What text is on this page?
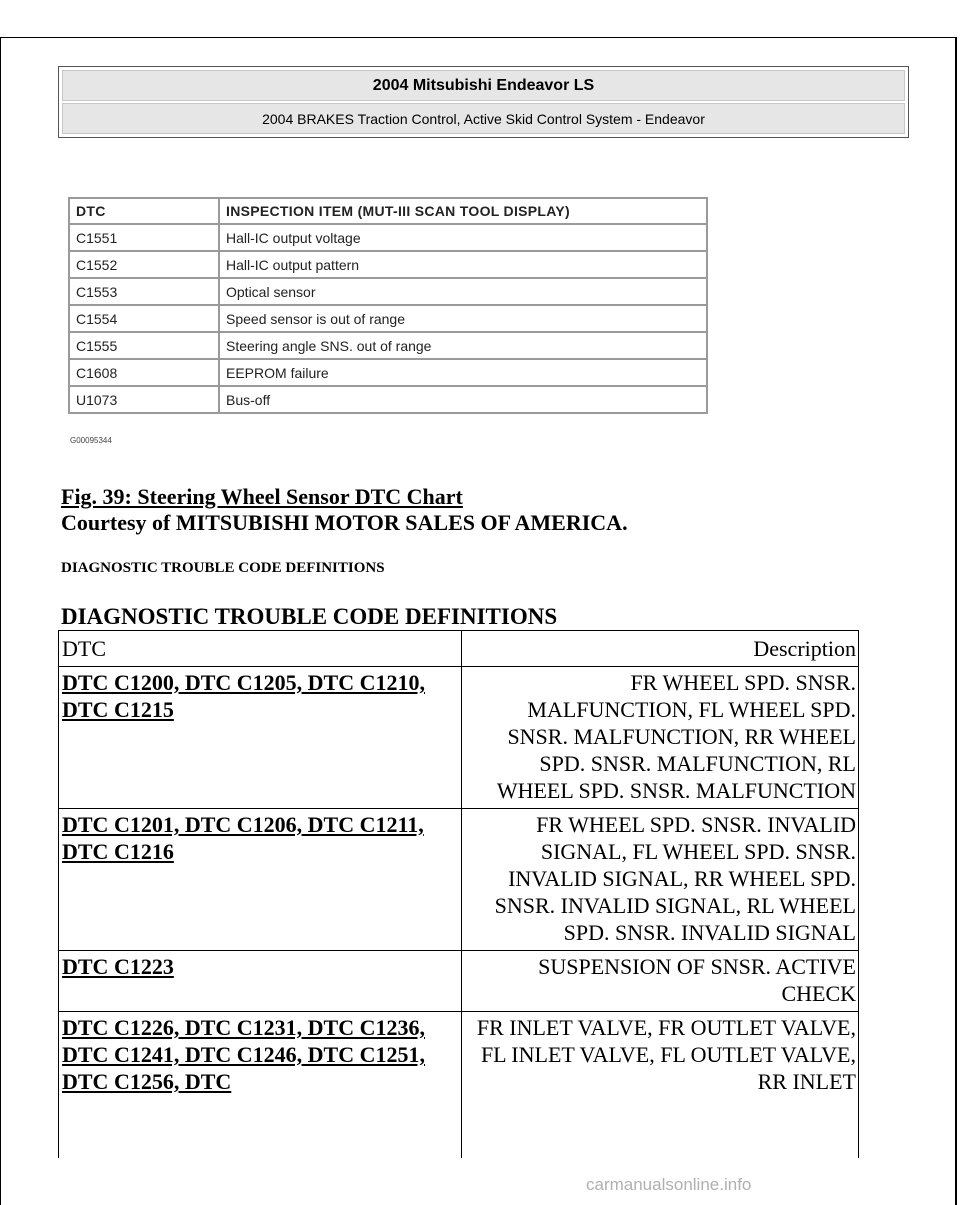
2004 Mitsubishi Endeavor LS
2004 BRAKES Traction Control, Active Skid Control System - Endeavor
DTC	INSPECTION ITEM (MUT-III SCAN TOOL DISPLAY)
C1551	Hall-IC output voltage
C1552	Hall-IC output pattern
C1553	Optical sensor
C1554	Speed sensor is out of range
C1555	Steering angle SNS. out of range
C1608	EEPROM failure
U1073	Bus-off
G00095344
Fig. 39: Steering Wheel Sensor DTC Chart
Courtesy of MITSUBISHI MOTOR SALES OF AMERICA.
DIAGNOSTIC TROUBLE CODE DEFINITIONS
DIAGNOSTIC TROUBLE CODE DEFINITIONS
DTC	Description
DTC C1200, DTC C1205, DTC C1210, DTC C1215	FR WHEEL SPD. SNSR. MALFUNCTION, FL WHEEL SPD. SNSR. MALFUNCTION, RR WHEEL SPD. SNSR. MALFUNCTION, RL WHEEL SPD. SNSR. MALFUNCTION
DTC C1201, DTC C1206, DTC C1211, DTC C1216	FR WHEEL SPD. SNSR. INVALID SIGNAL, FL WHEEL SPD. SNSR. INVALID SIGNAL, RR WHEEL SPD. SNSR. INVALID SIGNAL, RL WHEEL SPD. SNSR. INVALID SIGNAL
DTC C1223	SUSPENSION OF SNSR. ACTIVE CHECK
DTC C1226, DTC C1231, DTC C1236, DTC C1241, DTC C1246, DTC C1251, DTC C1256, DTC	FR INLET VALVE, FR OUTLET VALVE, FL INLET VALVE, FL OUTLET VALVE, RR INLET
carmanualsonline.info
